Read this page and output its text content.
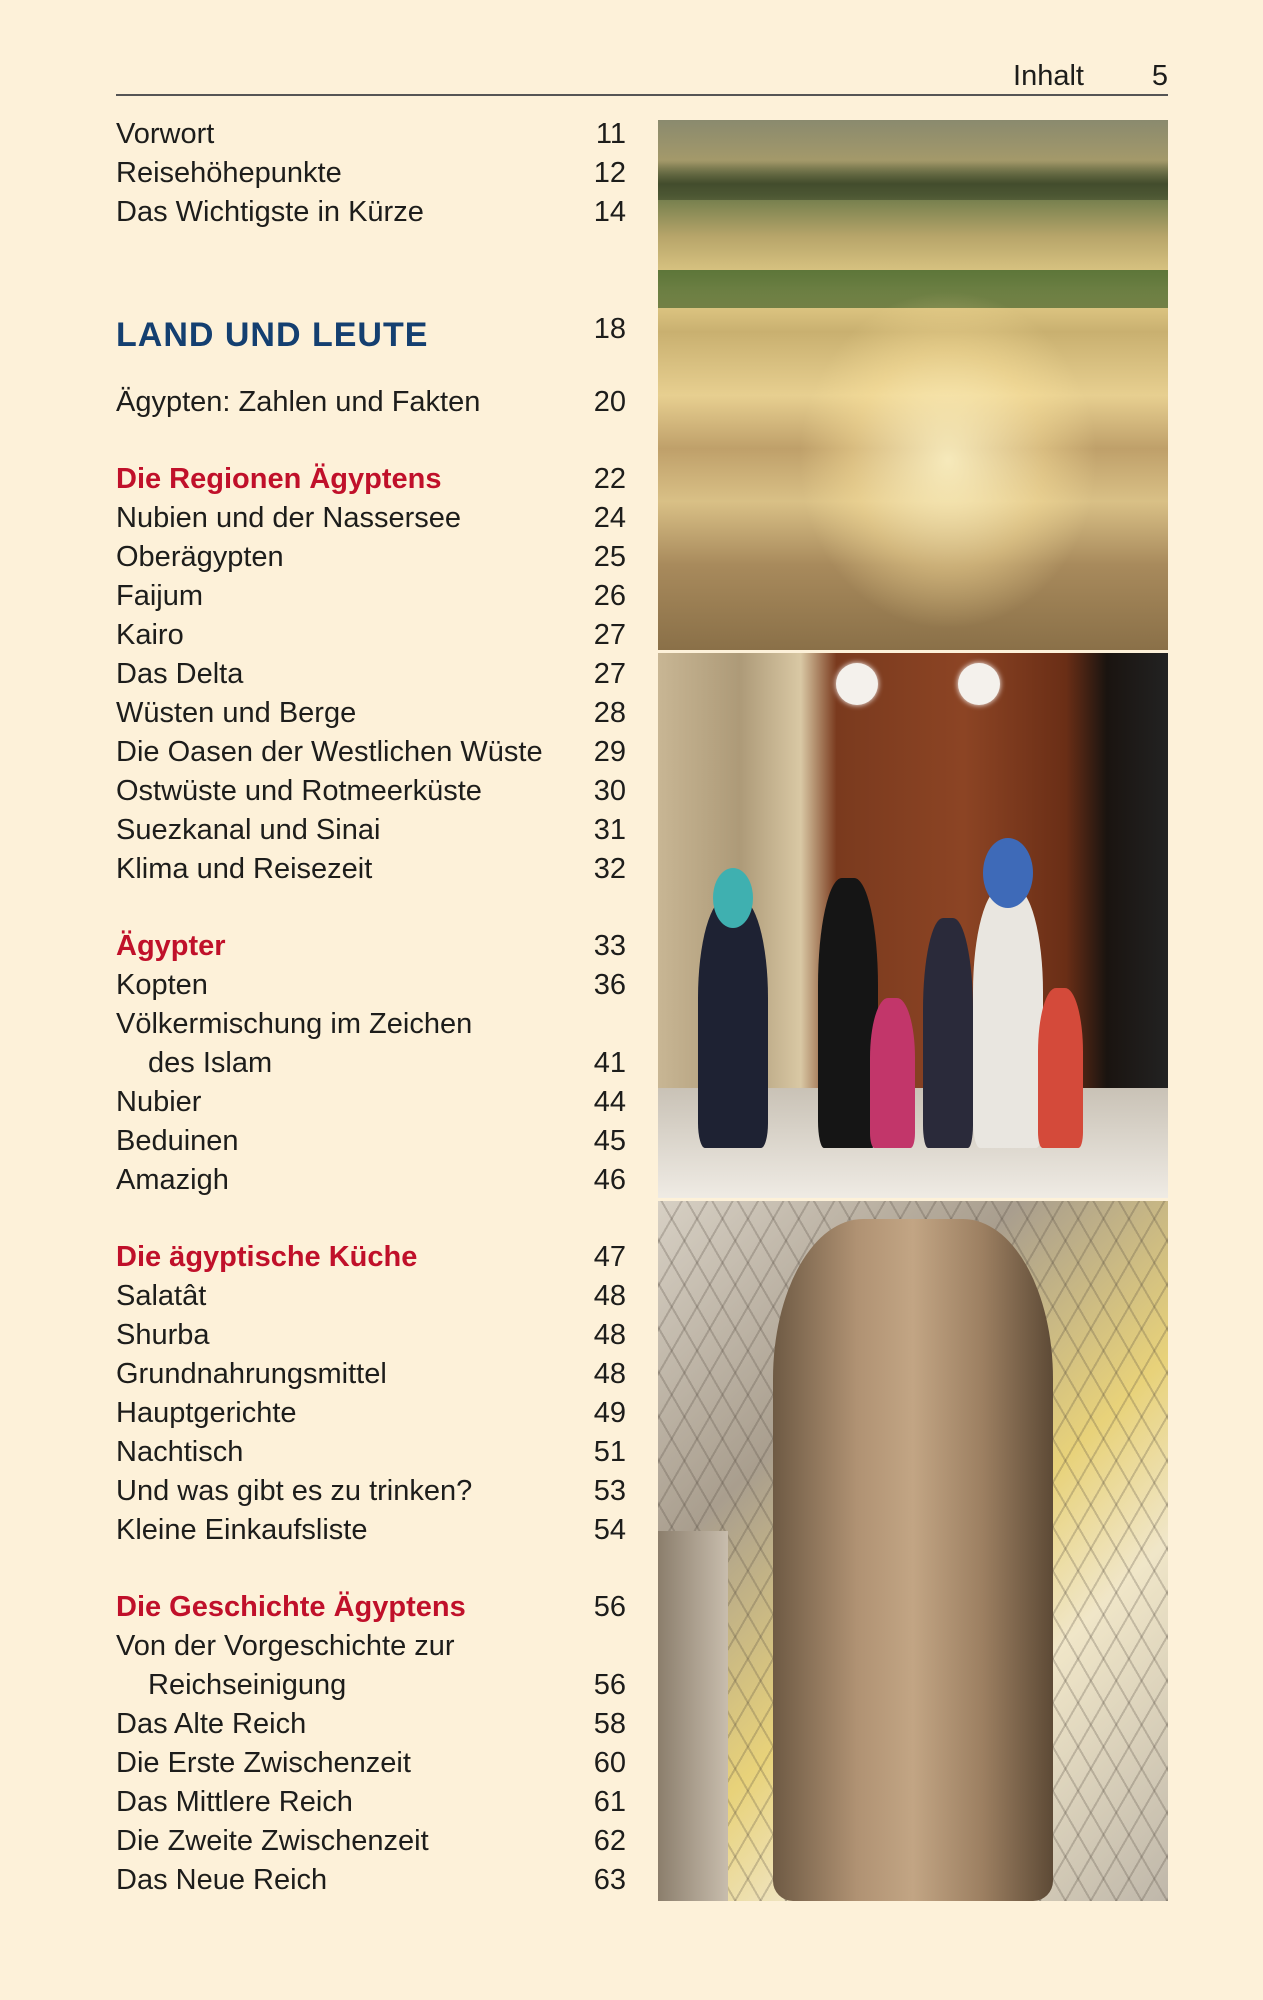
Inhalt 5
Vorwort	11
Reisehöhepunkte	12
Das Wichtigste in Kürze	14
LAND UND LEUTE	18
Ägypten: Zahlen und Fakten	20
Die Regionen Ägyptens	22
Nubien und der Nassersee	24
Oberägypten	25
Faijum	26
Kairo	27
Das Delta	27
Wüsten und Berge	28
Die Oasen der Westlichen Wüste 29
Ostwüste und Rotmeerküste	30
Suezkanal und Sinai	31
Klima und Reisezeit	32
Ägypter	33
Kopten	36
Völkermischung im Zeichen
des Islam	41
Nubier	44
Beduinen	45
Amazigh	46
Die ägyptische Küche	47
Salatât	48
Shurba	48
Grundnahrungsmittel	48
Hauptgerichte	49
Nachtisch	51
Und was gibt es zu trinken?	53
Kleine Einkaufsliste	54
Die Geschichte Ägyptens	56
Von der Vorgeschichte zur
Reichseinigung	56
Das Alte Reich	58
Die Erste Zwischenzeit	60
Das Mittlere Reich	61
Die Zweite Zwischenzeit	62
Das Neue Reich	63
